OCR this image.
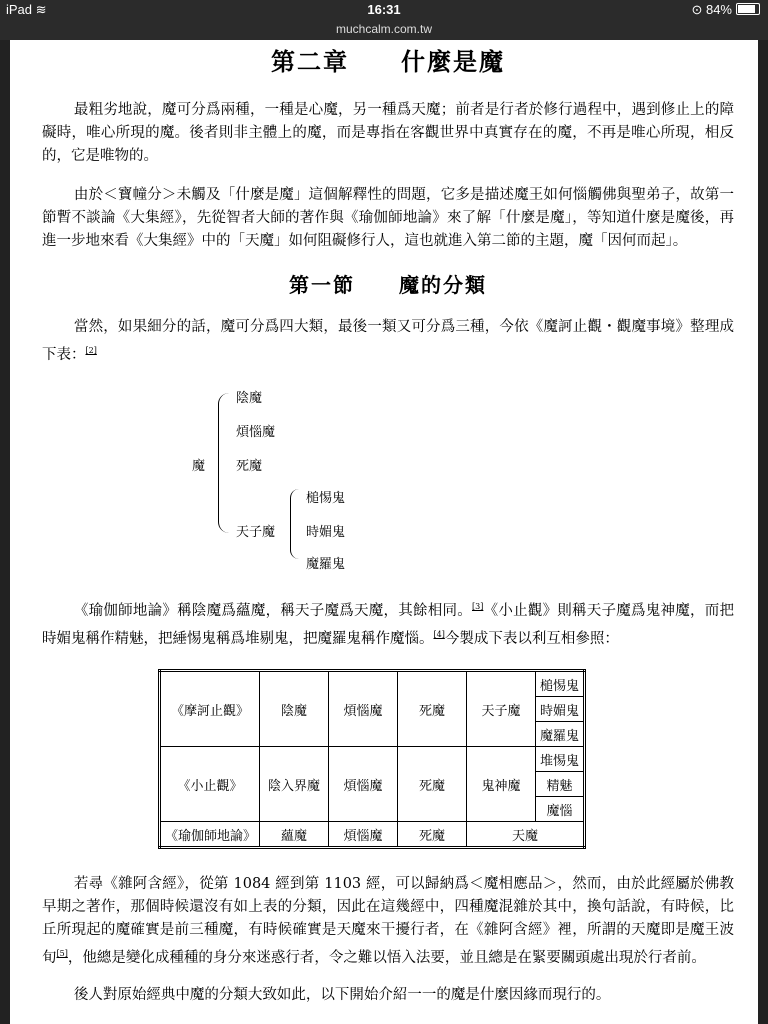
iPad ≋	16:31	⊙ 84%
muchcalm.com.tw
第二章　　什麼是魔

最粗劣地說，魔可分爲兩種，一種是心魔，另一種爲天魔；前者是行者於修行過程中，遇到修止上的障礙時，唯心所現的魔。後者則非主體上的魔，而是專指在客觀世界中真實存在的魔，不再是唯心所現，相反的，它是唯物的。

由於＜寶幢分＞未觸及「什麼是魔」這個解釋性的問題，它多是描述魔王如何惱觸佛與聖弟子，故第一節暫不談論《大集經》，先從智者大師的著作與《瑜伽師地論》來了解「什麼是魔」，等知道什麼是魔後，再進一步地來看《大集經》中的「天魔」如何阻礙修行人，這也就進入第二節的主題，魔「因何而起」。

第一節　　魔的分類

當然，如果細分的話，魔可分爲四大類，最後一類又可分爲三種，今依《魔訶止觀・觀魔事境》整理成下表：[2]

魔
陰魔
煩惱魔
死魔
天子魔
槌惕鬼
時媚鬼
魔羅鬼

《瑜伽師地論》稱陰魔爲蘊魔，稱天子魔爲天魔，其餘相同。[3]《小止觀》則稱天子魔爲鬼神魔，而把時媚鬼稱作精魅，把綞惕鬼稱爲堆剔鬼，把魔羅鬼稱作魔惱。[4]今製成下表以利互相參照：

《摩訶止觀》	陰魔	煩惱魔	死魔	天子魔	槌惕鬼
					時媚鬼
					魔羅鬼
《小止觀》	陰入界魔	煩惱魔	死魔	鬼神魔	堆惕鬼
					精魅
					魔惱
《瑜伽師地論》	蘊魔	煩惱魔	死魔	天魔	

若尋《雜阿含經》，從第 1084 經到第 1103 經，可以歸納爲＜魔相應品＞，然而，由於此經屬於佛教早期之著作，那個時候還沒有如上表的分類，因此在這幾經中，四種魔混雜於其中，換句話說，有時候，比丘所現起的魔確實是前三種魔，有時候確實是天魔來干擾行者，在《雜阿含經》裡，所謂的天魔即是魔王波旬[5]，他總是變化成種種的身分來迷惑行者，令之難以悟入法要，並且總是在緊要關頭處出現於行者前。

後人對原始經典中魔的分類大致如此，以下開始介紹一一的魔是什麼因緣而現行的。
